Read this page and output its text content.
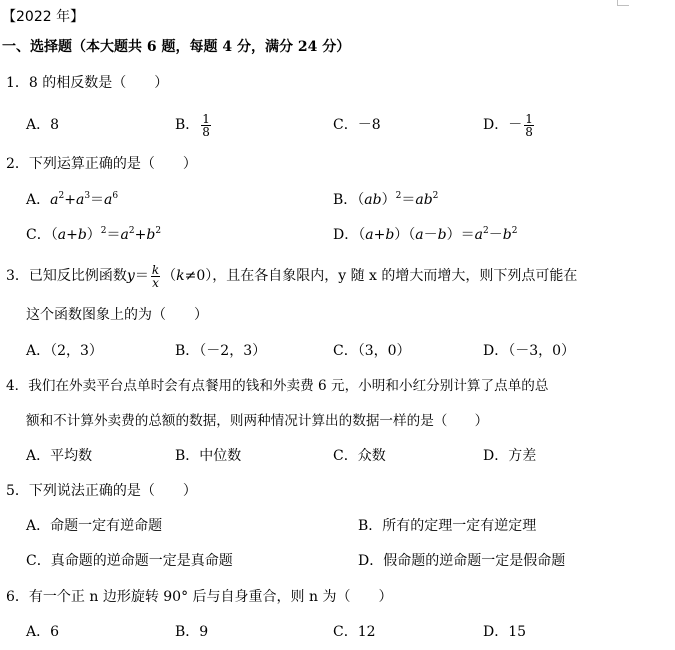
【2022 年】
一、选择题（本大题共 6 题，每题 4 分，满分 24 分）
1．8 的相反数是（　　）
A．8	B． $\frac{1}{8}$	C．－8	D．－ $\frac{1}{8}$
2．下列运算正确的是（　　）
A．$a^2+a^3=a^6$	B．$(ab)^2=ab^2$
C．$(a+b)^2=a^2+b^2$	D．$(a+b)(a-b)=a^2-b^2$
3．已知反比例函数$y= \frac{k}{x} (k\ne 0)$，且在各自象限内，y 随 x 的增大而增大，则下列点可能在
这个函数图象上的为（　　）
A．（2，3）	B．（－2，3）	C．（3，0）	D．（－3，0）
4．我们在外卖平台点单时会有点餐用的钱和外卖费 6 元，小明和小红分别计算了点单的总
额和不计算外卖费的总额的数据，则两种情况计算出的数据一样的是（　　）
A．平均数	B．中位数	C．众数	D．方差
5．下列说法正确的是（　　）
A．命题一定有逆命题	B．所有的定理一定有逆定理
C．真命题的逆命题一定是真命题	D．假命题的逆命题一定是假命题
6．有一个正 n 边形旋转 90° 后与自身重合，则 n 为（　　）
A．6	B．9	C．12	D．15
